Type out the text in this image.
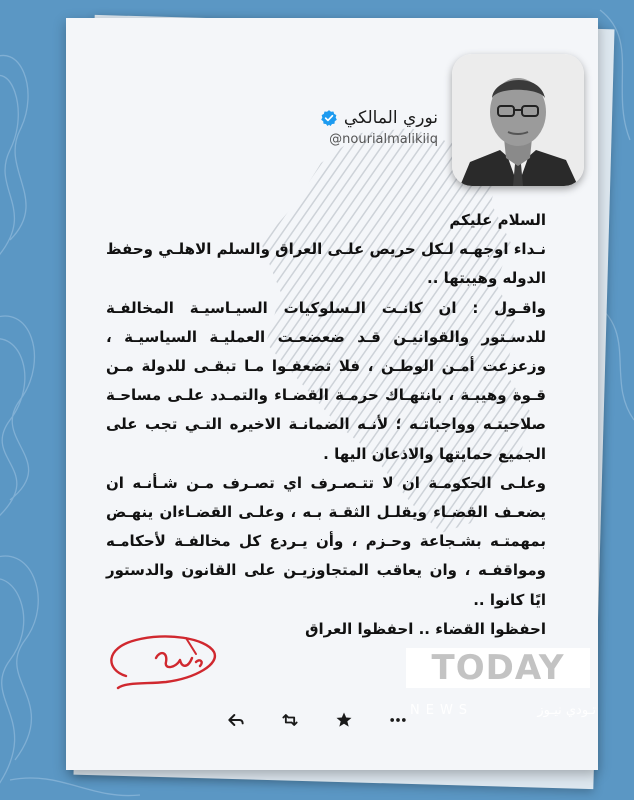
نوري المالكي
@nourialmalikiiq

السلام عليكم

نـداء اوجهـه لـكل حريص علـى العراق والسلم الاهلـي وحفظ الدوله وهيبتها ..

واقـول : ان كانـت الـسلوكيات السيـاسيـة المخالفـة للدسـتور والقوانيـن قـد ضعضعـت العمليـة السياسيـة ، وزعزعت أمـن الوطـن ، فلا تضعفـوا مـا تبقـى للدولة مـن قـوة وهيبـة ، بانتهـاك حرمـة القضـاء والتمـدد علـى مساحـة صلاحيتـه وواجباتـه ؛ لأنـه الضمانـة الاخيره التـي تجب على الجميع حمايتها والاذعان اليها .

وعلـى الحكومـة ان لا تتـصـرف اي تصـرف مـن شـأنـه ان يضعـف القضـاء ويقلـل الثقـة بـه ، وعلـى القضـاءان ينهـض بمهمتـه بشـجاعة وحـزم ، وأن يـردع كل مخالفـة لأحكامـه ومواقفـه ، وان يعاقب المتجاوزيـن على القانون والدستور ايًا كانوا ..

احفظوا القضاء .. احفظوا العراق

TODAY
NEWS	تـودي نيـوز
